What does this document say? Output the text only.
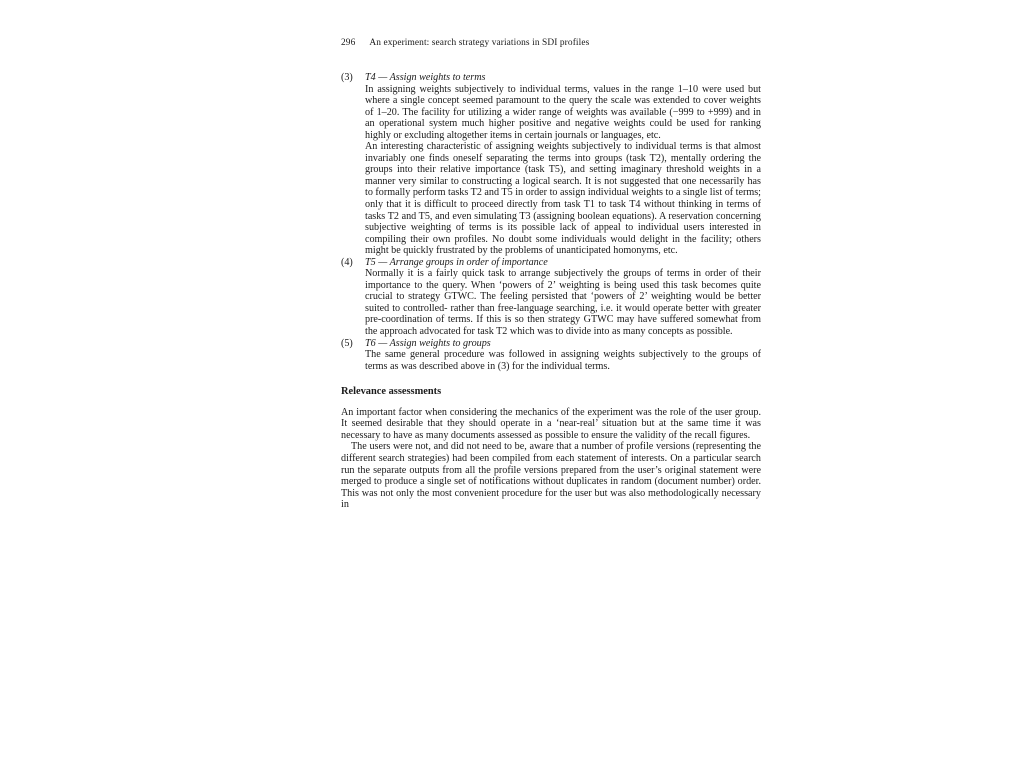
296 An experiment: search strategy variations in SDI profiles
(3) T4 — Assign weights to terms
In assigning weights subjectively to individual terms, values in the range 1–10 were used but where a single concept seemed paramount to the query the scale was extended to cover weights of 1–20. The facility for utilizing a wider range of weights was available (−999 to +999) and in an operational system much higher positive and negative weights could be used for ranking highly or excluding altogether items in certain journals or languages, etc.
An interesting characteristic of assigning weights subjectively to individual terms is that almost invariably one finds oneself separating the terms into groups (task T2), mentally ordering the groups into their relative importance (task T5), and setting imaginary threshold weights in a manner very similar to constructing a logical search. It is not suggested that one necessarily has to formally perform tasks T2 and T5 in order to assign individual weights to a single list of terms; only that it is difficult to proceed directly from task T1 to task T4 without thinking in terms of tasks T2 and T5, and even simulating T3 (assigning boolean equations). A reservation concerning subjective weighting of terms is its possible lack of appeal to individual users interested in compiling their own profiles. No doubt some individuals would delight in the facility; others might be quickly frustrated by the problems of unanticipated homonyms, etc.
(4) T5 — Arrange groups in order of importance
Normally it is a fairly quick task to arrange subjectively the groups of terms in order of their importance to the query. When ‘powers of 2’ weighting is being used this task becomes quite crucial to strategy GTWC. The feeling persisted that ‘powers of 2’ weighting would be better suited to controlled- rather than free-language searching, i.e. it would operate better with greater pre-coordination of terms. If this is so then strategy GTWC may have suffered somewhat from the approach advocated for task T2 which was to divide into as many concepts as possible.
(5) T6 — Assign weights to groups
The same general procedure was followed in assigning weights subjectively to the groups of terms as was described above in (3) for the individual terms.
Relevance assessments
An important factor when considering the mechanics of the experiment was the role of the user group. It seemed desirable that they should operate in a ‘near-real’ situation but at the same time it was necessary to have as many documents assessed as possible to ensure the validity of the recall figures.
The users were not, and did not need to be, aware that a number of profile versions (representing the different search strategies) had been compiled from each statement of interests. On a particular search run the separate outputs from all the profile versions prepared from the user’s original statement were merged to produce a single set of notifications without duplicates in random (document number) order. This was not only the most convenient procedure for the user but was also methodologically necessary in
